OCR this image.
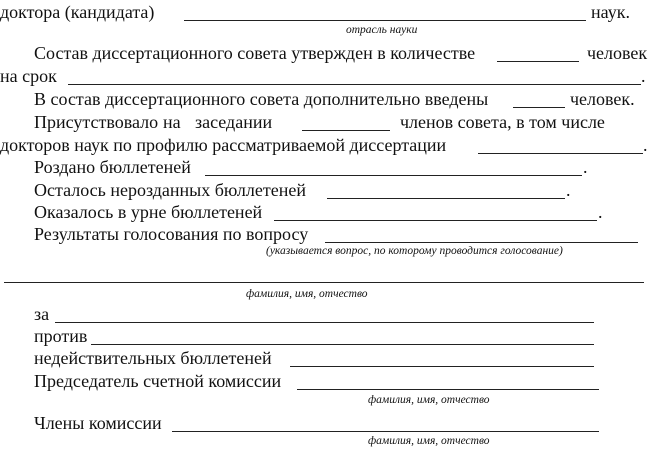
доктора (кандидата)	наук.
отрасль науки
Состав диссертационного совета утвержден в количестве	человек
на срок	.
В состав диссертационного совета дополнительно введены	человек.
Присутствовало на заседании	членов совета, в том числе
докторов наук по профилю рассматриваемой диссертации	.
Роздано бюллетеней	.
Осталось нерозданных бюллетеней	.
Оказалось в урне бюллетеней	.
Результаты голосования по вопросу
(указывается вопрос, по которому проводится голосование)
фамилия, имя, отчество
за
против
недействительных бюллетеней
Председатель счетной комиссии
фамилия, имя, отчество
Члены комиссии
фамилия, имя, отчество
